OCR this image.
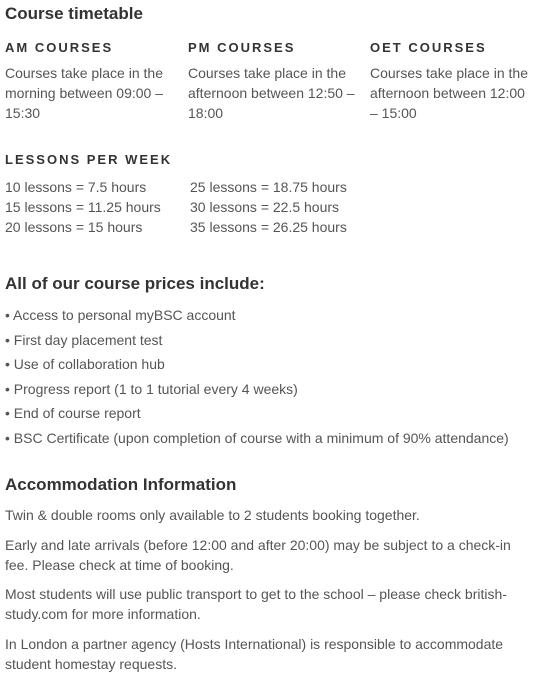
Course timetable
AM COURSES

Courses take place in the morning between 09:00 – 15:30

PM COURSES

Courses take place in the afternoon between 12:50 – 18:00

OET COURSES

Courses take place in the afternoon between 12:00 – 15:00

LESSONS PER WEEK
10 lessons = 7.5 hours
15 lessons = 11.25 hours
20 lessons = 15 hours
25 lessons = 18.75 hours
30 lessons = 22.5 hours
35 lessons = 26.25 hours
All of our course prices include:
• Access to personal myBSC account
• First day placement test
• Use of collaboration hub
• Progress report (1 to 1 tutorial every 4 weeks)
• End of course report
• BSC Certificate (upon completion of course with a minimum of 90% attendance)
Accommodation Information

Twin & double rooms only available to 2 students booking together.

Early and late arrivals (before 12:00 and after 20:00) may be subject to a check-in fee. Please check at time of booking.

Most students will use public transport to get to the school – please check british-study.com for more information.

In London a partner agency (Hosts International) is responsible to accommodate student homestay requests.
